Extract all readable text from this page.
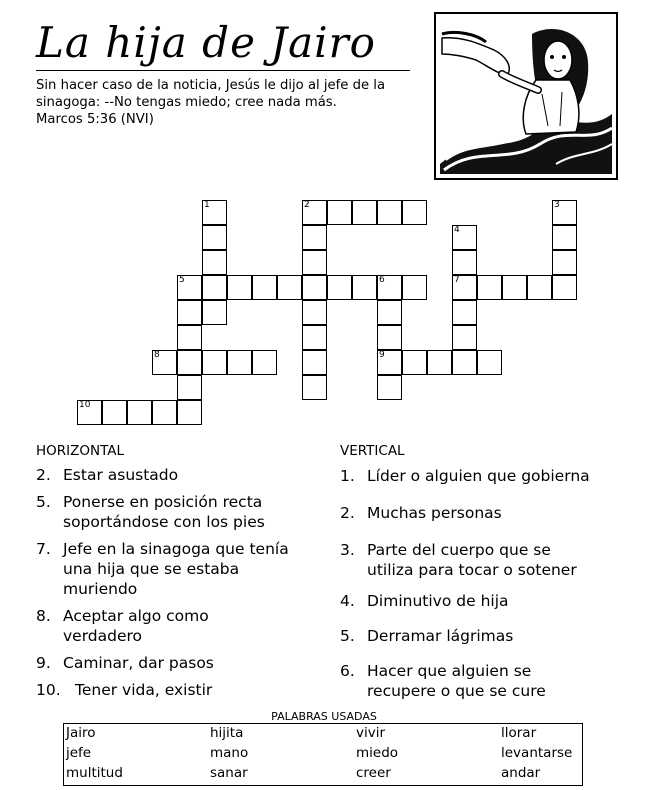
La hija de Jairo
Sin hacer caso de la noticia, Jesús le dijo al jefe de la
sinagoga: --No tengas miedo; cree nada más.

Marcos 5:36 (NVI)
1	2	3
4
7
5	6
9
8
10
HORIZONTAL	VERTICAL
2. Estar asustado
5. Ponerse en posición recta
soportándose con los pies
7. Jefe en la sinagoga que tenía
una hija que se estaba
muriendo
8. Aceptar algo como
verdadero
9. Caminar, dar pasos
10. Tener vida, existir
1. Líder o alguien que gobierna
2. Muchas personas
3. Parte del cuerpo que se
utiliza para tocar o sotener
4. Diminutivo de hija
5. Derramar lágrimas
6. Hacer que alguien se
recupere o que se cure
PALABRAS USADAS
Jairo	hijita	vivir	llorar
jefe	mano	miedo	levantarse
multitud	sanar	creer	andar
